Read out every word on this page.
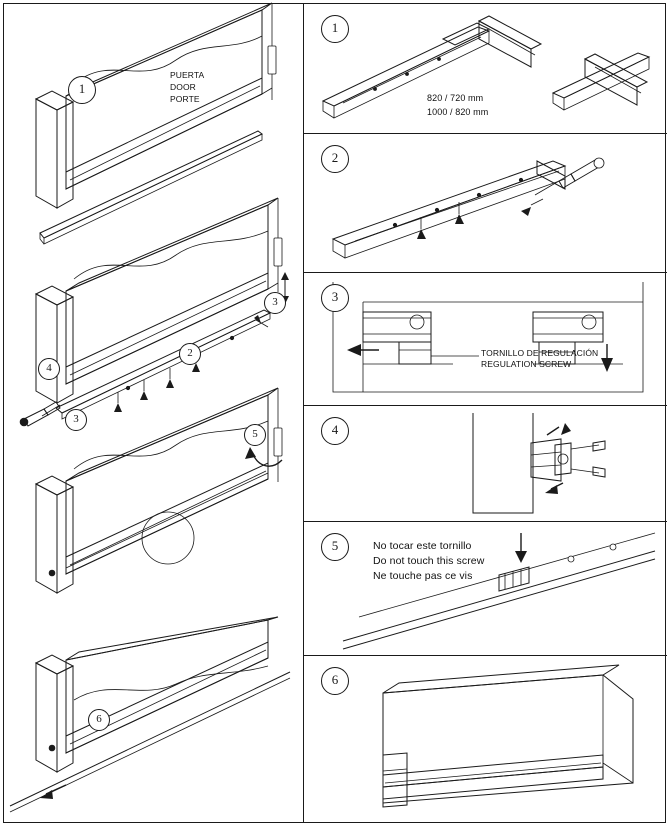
1
2
3
3
4
5
6
PUERTA
DOOR
PORTE
1
820 / 720 mm
1000 / 820 mm
2
3
TORNILLO DE REGULACIÓN
REGULATION SCREW
4
5	No tocar este tornillo
Do not touch this screw
Ne touche pas ce vis
6
